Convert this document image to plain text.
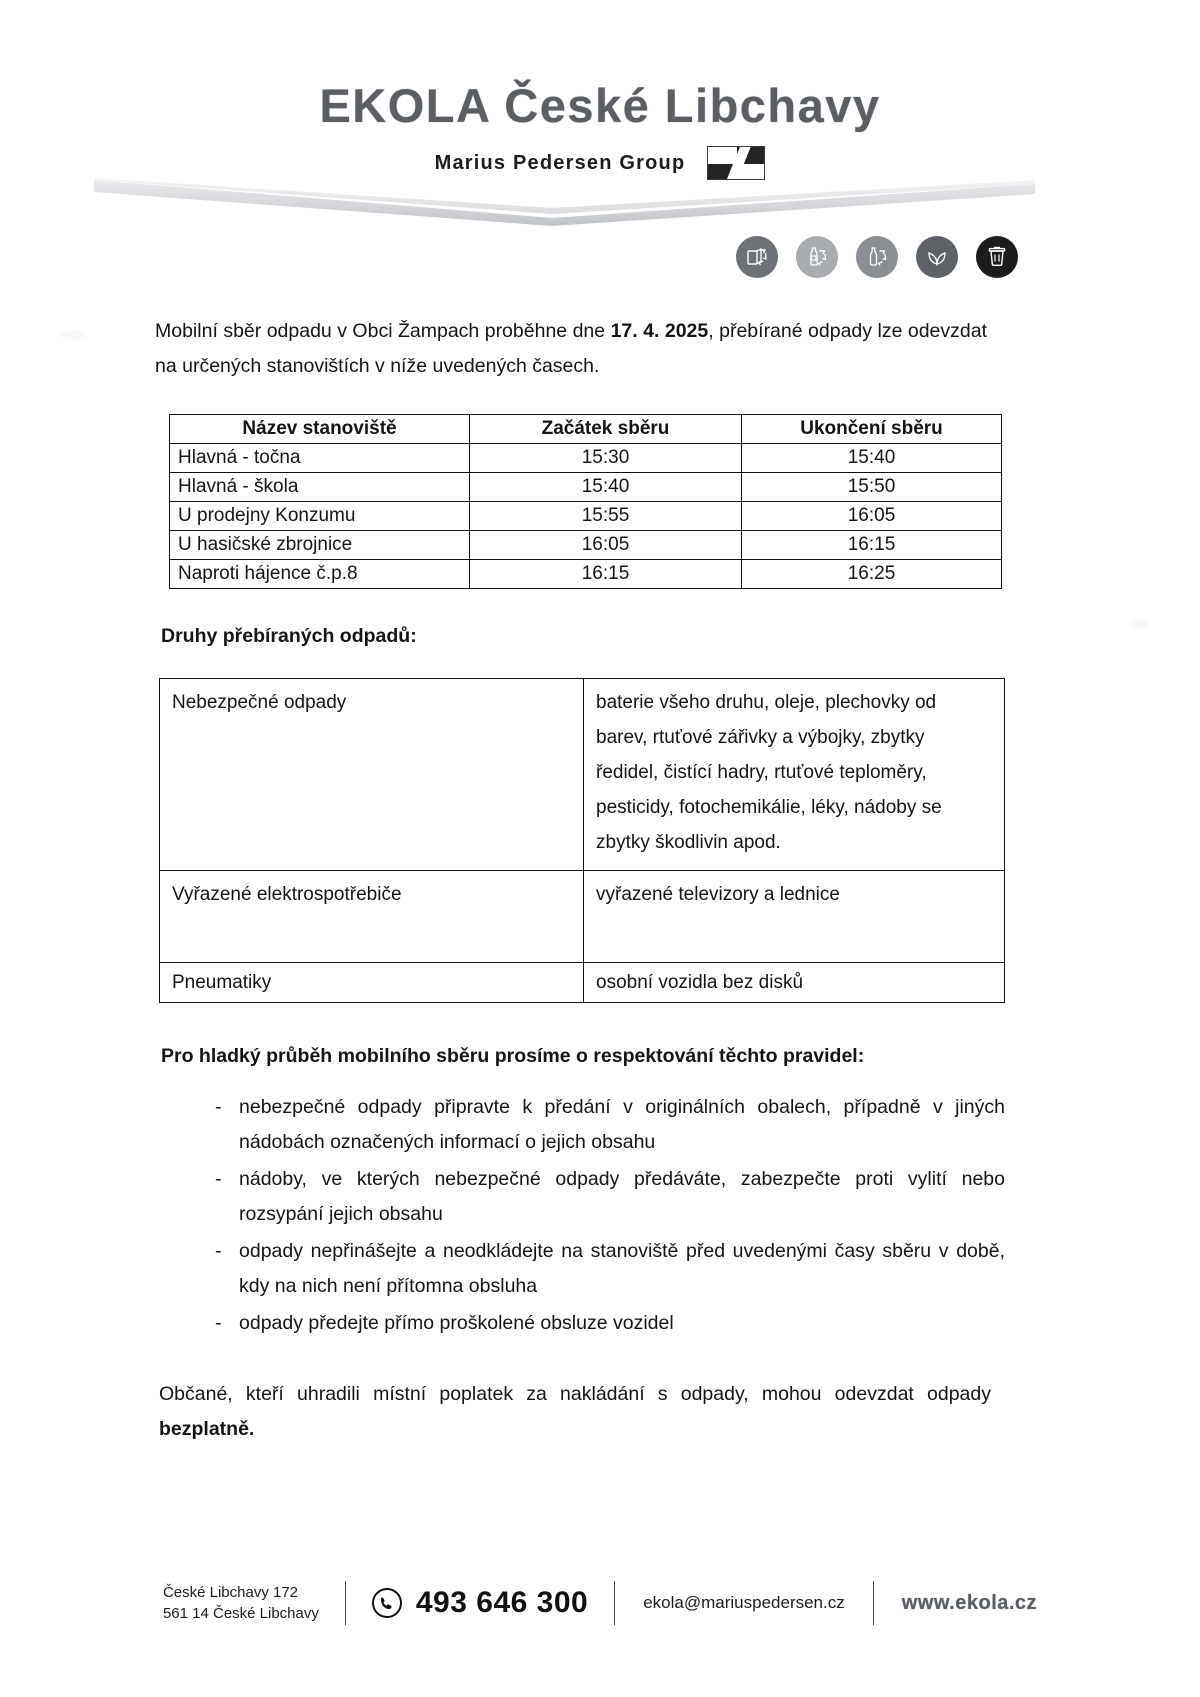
EKOLA České Libchavy
Marius Pedersen Group

Mobilní sběr odpadu v Obci Žampach proběhne dne 17. 4. 2025, přebírané odpady lze odevzdat na určených stanovištích v níže uvedených časech.

Název stanoviště	Začátek sběru	Ukončení sběru
Hlavná - točna	15:30	15:40
Hlavná - škola	15:40	15:50
U prodejny Konzumu	15:55	16:05
U hasičské zbrojnice	16:05	16:15
Naproti hájence č.p.8	16:15	16:25
Druhy přebíraných odpadů:
Nebezpečné odpady	baterie všeho druhu, oleje, plechovky od barev, rtuťové zářivky a výbojky, zbytky ředidel, čistící hadry, rtuťové teploměry, pesticidy, fotochemikálie, léky, nádoby se zbytky škodlivin apod.
Vyřazené elektrospotřebiče	vyřazené televizory a lednice
Pneumatiky	osobní vozidla bez disků
Pro hladký průběh mobilního sběru prosíme o respektování těchto pravidel:
- nebezpečné odpady připravte k předání v originálních obalech, případně v jiných nádobách označených informací o jejich obsahu
- nádoby, ve kterých nebezpečné odpady předáváte, zabezpečte proti vylití nebo rozsypání jejich obsahu
- odpady nepřinášejte a neodkládejte na stanoviště před uvedenými časy sběru v době, kdy na nich není přítomna obsluha
- odpady předejte přímo proškolené obsluze vozidel

Občané, kteří uhradili místní poplatek za nakládání s odpady, mohou odevzdat odpady bezplatně.

České Libchavy 172
561 14 České Libchavy	493 646 300	ekola@mariuspedersen.cz	www.ekola.cz
